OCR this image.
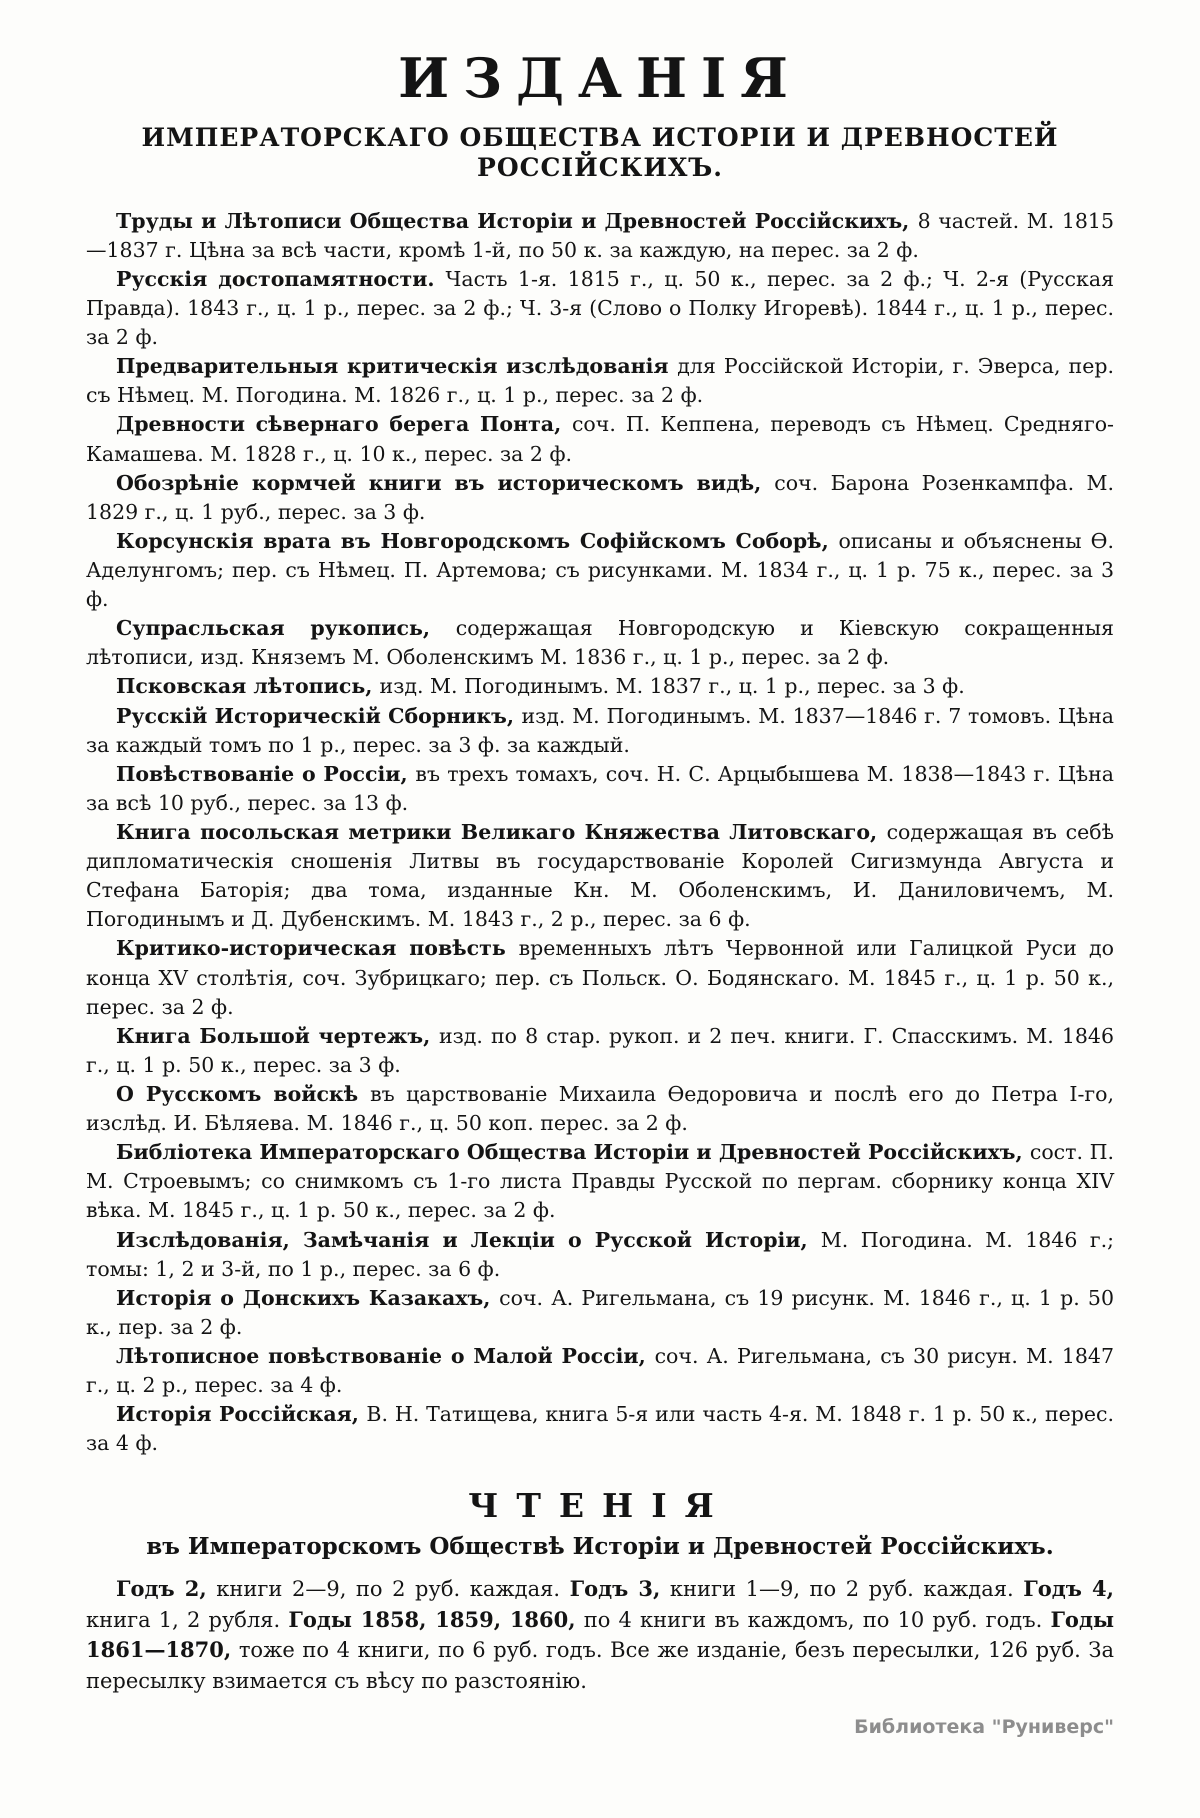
ИЗДАНІЯ
ИМПЕРАТОРСКАГО ОБЩЕСТВА ИСТОРІИ И ДРЕВНОСТЕЙ РОССІЙСКИХЪ.

Труды и Лѣтописи Общества Исторіи и Древностей Россійскихъ, 8 частей. М. 1815—1837 г. Цѣна за всѣ части, кромѣ 1-й, по 50 к. за каждую, на перес. за 2 ф.

Русскія достопамятности. Часть 1-я. 1815 г., ц. 50 к., перес. за 2 ф.; Ч. 2-я (Русская Правда). 1843 г., ц. 1 р., перес. за 2 ф.; Ч. 3-я (Слово о Полку Игоревѣ). 1844 г., ц. 1 р., перес. за 2 ф.

Предварительныя критическія изслѣдованія для Россійской Исторіи, г. Эверса, пер. съ Нѣмец. М. Погодина. М. 1826 г., ц. 1 р., перес. за 2 ф.

Древности сѣвернаго берега Понта, соч. П. Кеппена, переводъ съ Нѣмец. Средняго-Камашева. М. 1828 г., ц. 10 к., перес. за 2 ф.

Обозрѣніе кормчей книги въ историческомъ видѣ, соч. Барона Розенкампфа. М. 1829 г., ц. 1 руб., перес. за 3 ф.

Корсунскія врата въ Новгородскомъ Софійскомъ Соборѣ, описаны и объяснены Ѳ. Аделунгомъ; пер. съ Нѣмец. П. Артемова; съ рисунками. М. 1834 г., ц. 1 р. 75 к., перес. за 3 ф.

Супрасльская рукопись, содержащая Новгородскую и Кіевскую сокращенныя лѣтописи, изд. Княземъ М. Оболенскимъ М. 1836 г., ц. 1 р., перес. за 2 ф.

Псковская лѣтопись, изд. М. Погодинымъ. М. 1837 г., ц. 1 р., перес. за 3 ф.

Русскій Историческій Сборникъ, изд. М. Погодинымъ. М. 1837—1846 г. 7 томовъ. Цѣна за каждый томъ по 1 р., перес. за 3 ф. за каждый.

Повѣствованіе о Россіи, въ трехъ томахъ, соч. Н. С. Арцыбышева М. 1838—1843 г. Цѣна за всѣ 10 руб., перес. за 13 ф.

Книга посольская метрики Великаго Княжества Литовскаго, содержащая въ себѣ дипломатическія сношенія Литвы въ государствованіе Королей Сигизмунда Августа и Стефана Баторія; два тома, изданные Кн. М. Оболенскимъ, И. Даниловичемъ, М. Погодинымъ и Д. Дубенскимъ. М. 1843 г., 2 р., перес. за 6 ф.

Критико-историческая повѣсть временныхъ лѣтъ Червонной или Галицкой Руси до конца XV столѣтія, соч. Зубрицкаго; пер. съ Польск. О. Бодянскаго. М. 1845 г., ц. 1 р. 50 к., перес. за 2 ф.

Книга Большой чертежъ, изд. по 8 стар. рукоп. и 2 печ. книги. Г. Спасскимъ. М. 1846 г., ц. 1 р. 50 к., перес. за 3 ф.

О Русскомъ войскѣ въ царствованіе Михаила Ѳедоровича и послѣ его до Петра I-го, изслѣд. И. Бѣляева. М. 1846 г., ц. 50 коп. перес. за 2 ф.

Библіотека Императорскаго Общества Исторіи и Древностей Россійскихъ, сост. П. М. Строевымъ; со снимкомъ съ 1-го листа Правды Русской по пергам. сборнику конца XIV вѣка. М. 1845 г., ц. 1 р. 50 к., перес. за 2 ф.

Изслѣдованія, Замѣчанія и Лекціи о Русской Исторіи, М. Погодина. М. 1846 г.; томы: 1, 2 и 3-й, по 1 р., перес. за 6 ф.

Исторія о Донскихъ Казакахъ, соч. А. Ригельмана, съ 19 рисунк. М. 1846 г., ц. 1 р. 50 к., пер. за 2 ф.

Лѣтописное повѣствованіе о Малой Россіи, соч. А. Ригельмана, съ 30 рисун. М. 1847 г., ц. 2 р., перес. за 4 ф.

Исторія Россійская, В. Н. Татищева, книга 5-я или часть 4-я. М. 1848 г. 1 р. 50 к., перес. за 4 ф.

ЧТЕНІЯ
въ Императорскомъ Обществѣ Исторіи и Древностей Россійскихъ.

Годъ 2, книги 2—9, по 2 руб. каждая. Годъ 3, книги 1—9, по 2 руб. каждая. Годъ 4, книга 1, 2 рубля. Годы 1858, 1859, 1860, по 4 книги въ каждомъ, по 10 руб. годъ. Годы 1861—1870, тоже по 4 книги, по 6 руб. годъ. Все же изданіе, безъ пересылки, 126 руб. За пересылку взимается съ вѣсу по разстоянію.

Библиотека "Руниверс"
